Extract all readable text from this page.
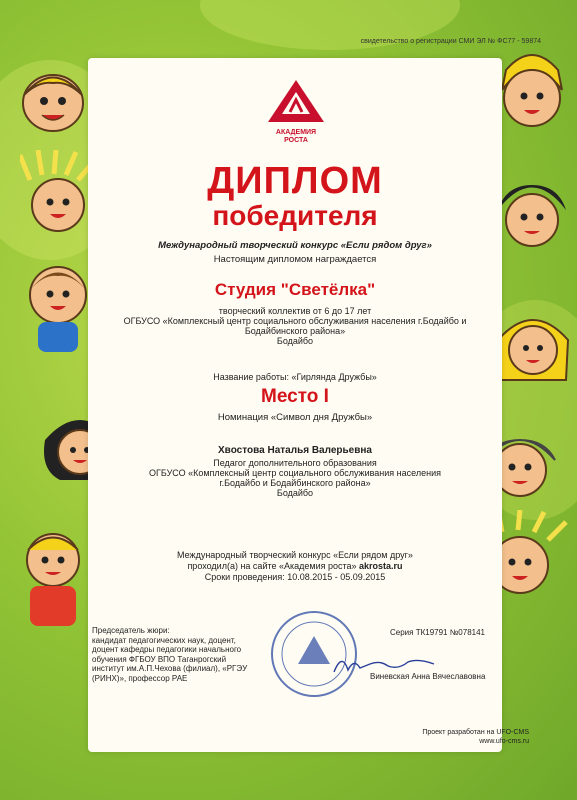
свидетельство о регистрации СМИ ЭЛ № ФС77 - 59874
АКАДЕМИЯ
РОСТА
ДИПЛОМ
победителя
Международный творческий конкурс «Если рядом друг»
Настоящим дипломом награждается
Студия "Светёлка"
творческий коллектив от 6 до 17 лет
ОГБУСО «Комплексный центр социального обслуживания населения г.Бодайбо и
Бодайбинского района»
Бодайбо
Название работы: «Гирлянда Дружбы»
Место I
Номинация «Символ дня Дружбы»
Хвостова Наталья Валерьевна
Педагог дополнительного образования
ОГБУСО «Комплексный центр социального обслуживания населения
г.Бодайбо и Бодайбинского района»
Бодайбо
Международный творческий конкурс «Если рядом друг»
проходил(а) на сайте «Академия роста» akrosta.ru
Сроки проведения: 10.08.2015 - 05.09.2015
Председатель жюри:
кандидат педагогических наук, доцент,
доцент кафедры педагогики начального
обучения ФГБОУ ВПО Таганрогский
институт им.А.П.Чехова (филиал), «РГЭУ
(РИНХ)», профессор РАЕ
Серия ТК19791 №078141
Виневская Анна Вячеславовна
Проект разработан на UFO-CMS
www.ufo-cms.ru
